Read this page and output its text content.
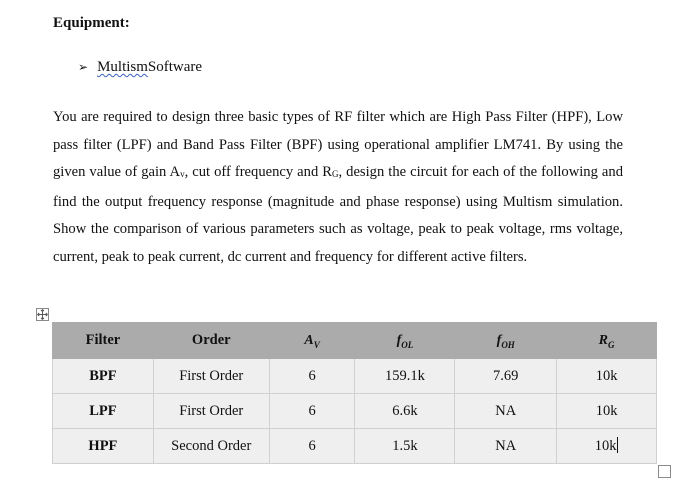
Equipment:
➢ Multism Software
You are required to design three basic types of RF filter which are High Pass Filter (HPF), Low pass filter (LPF) and Band Pass Filter (BPF) using operational amplifier LM741. By using the given value of gain $A_v$, cut off frequency and $R_G$, design the circuit for each of the following and find the output frequency response (magnitude and phase response) using Multism simulation. Show the comparison of various parameters such as voltage, peak to peak voltage, rms voltage, current, peak to peak current, dc current and frequency for different active filters.
Filter	Order	$A_V$	$f_{OL}$	$f_{OH}$	$R_G$
BPF	First Order	6	159.1k	7.69	10k
LPF	First Order	6	6.6k	NA	10k
HPF	Second Order	6	1.5k	NA	10k
